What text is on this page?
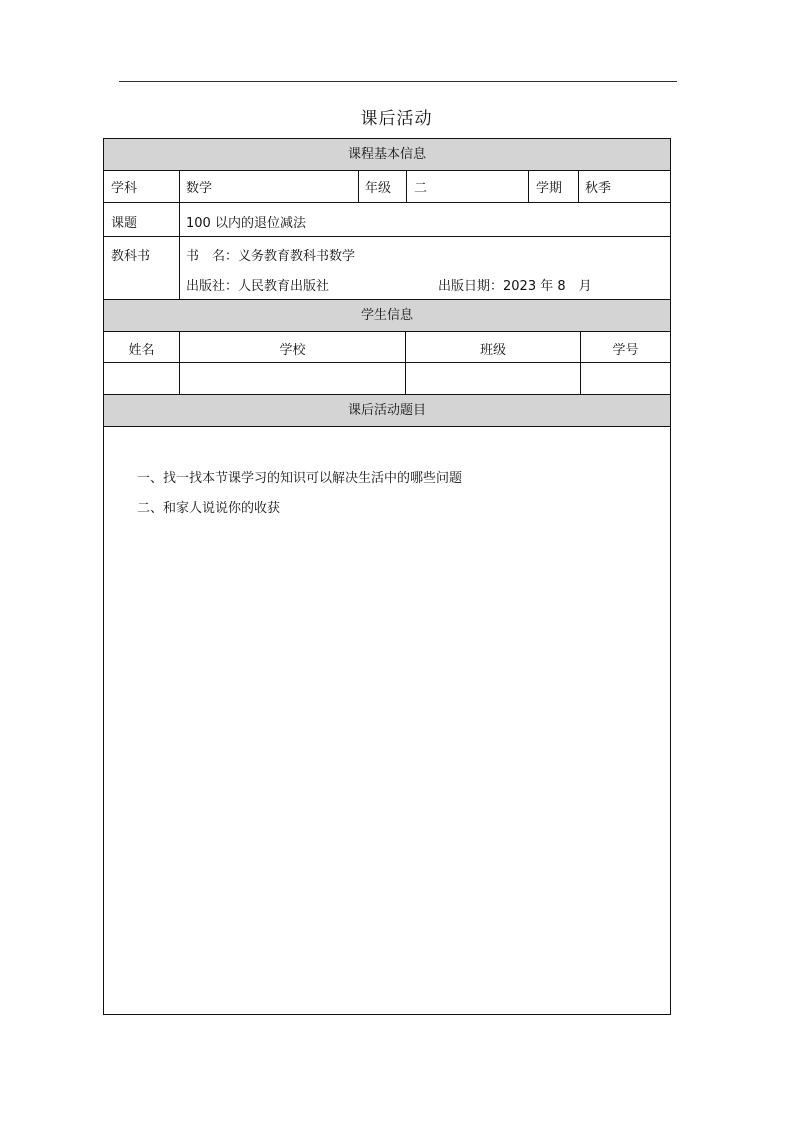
课后活动
课程基本信息
学科	数学	年级 二	学期 秋季
课题	100 以内的退位减法
教科书	书　名：义务教育教科书数学
出版社：人民教育出版社	出版日期：2023 年 8　月
学生信息
姓名	学校	班级	学号
课后活动题目
一、找一找本节课学习的知识可以解决生活中的哪些问题
二、和家人说说你的收获
